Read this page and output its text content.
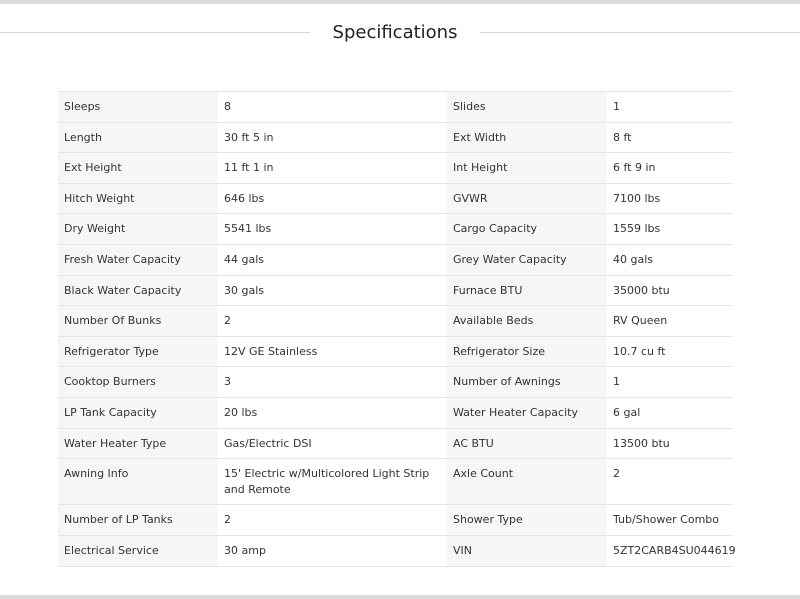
Specifications
Sleeps	8	Slides	1
Length	30 ft 5 in	Ext Width	8 ft
Ext Height	11 ft 1 in	Int Height	6 ft 9 in
Hitch Weight	646 lbs	GVWR	7100 lbs
Dry Weight	5541 lbs	Cargo Capacity	1559 lbs
Fresh Water Capacity	44 gals	Grey Water Capacity	40 gals
Black Water Capacity	30 gals	Furnace BTU	35000 btu
Number Of Bunks	2	Available Beds	RV Queen
Refrigerator Type	12V GE Stainless	Refrigerator Size	10.7 cu ft
Cooktop Burners	3	Number of Awnings	1
LP Tank Capacity	20 lbs	Water Heater Capacity	6 gal
Water Heater Type	Gas/Electric DSI	AC BTU	13500 btu
Awning Info	15' Electric w/Multicolored Light Strip and Remote	Axle Count	2
Number of LP Tanks	2	Shower Type	Tub/Shower Combo
Electrical Service	30 amp	VIN	5ZT2CARB4SU044619
